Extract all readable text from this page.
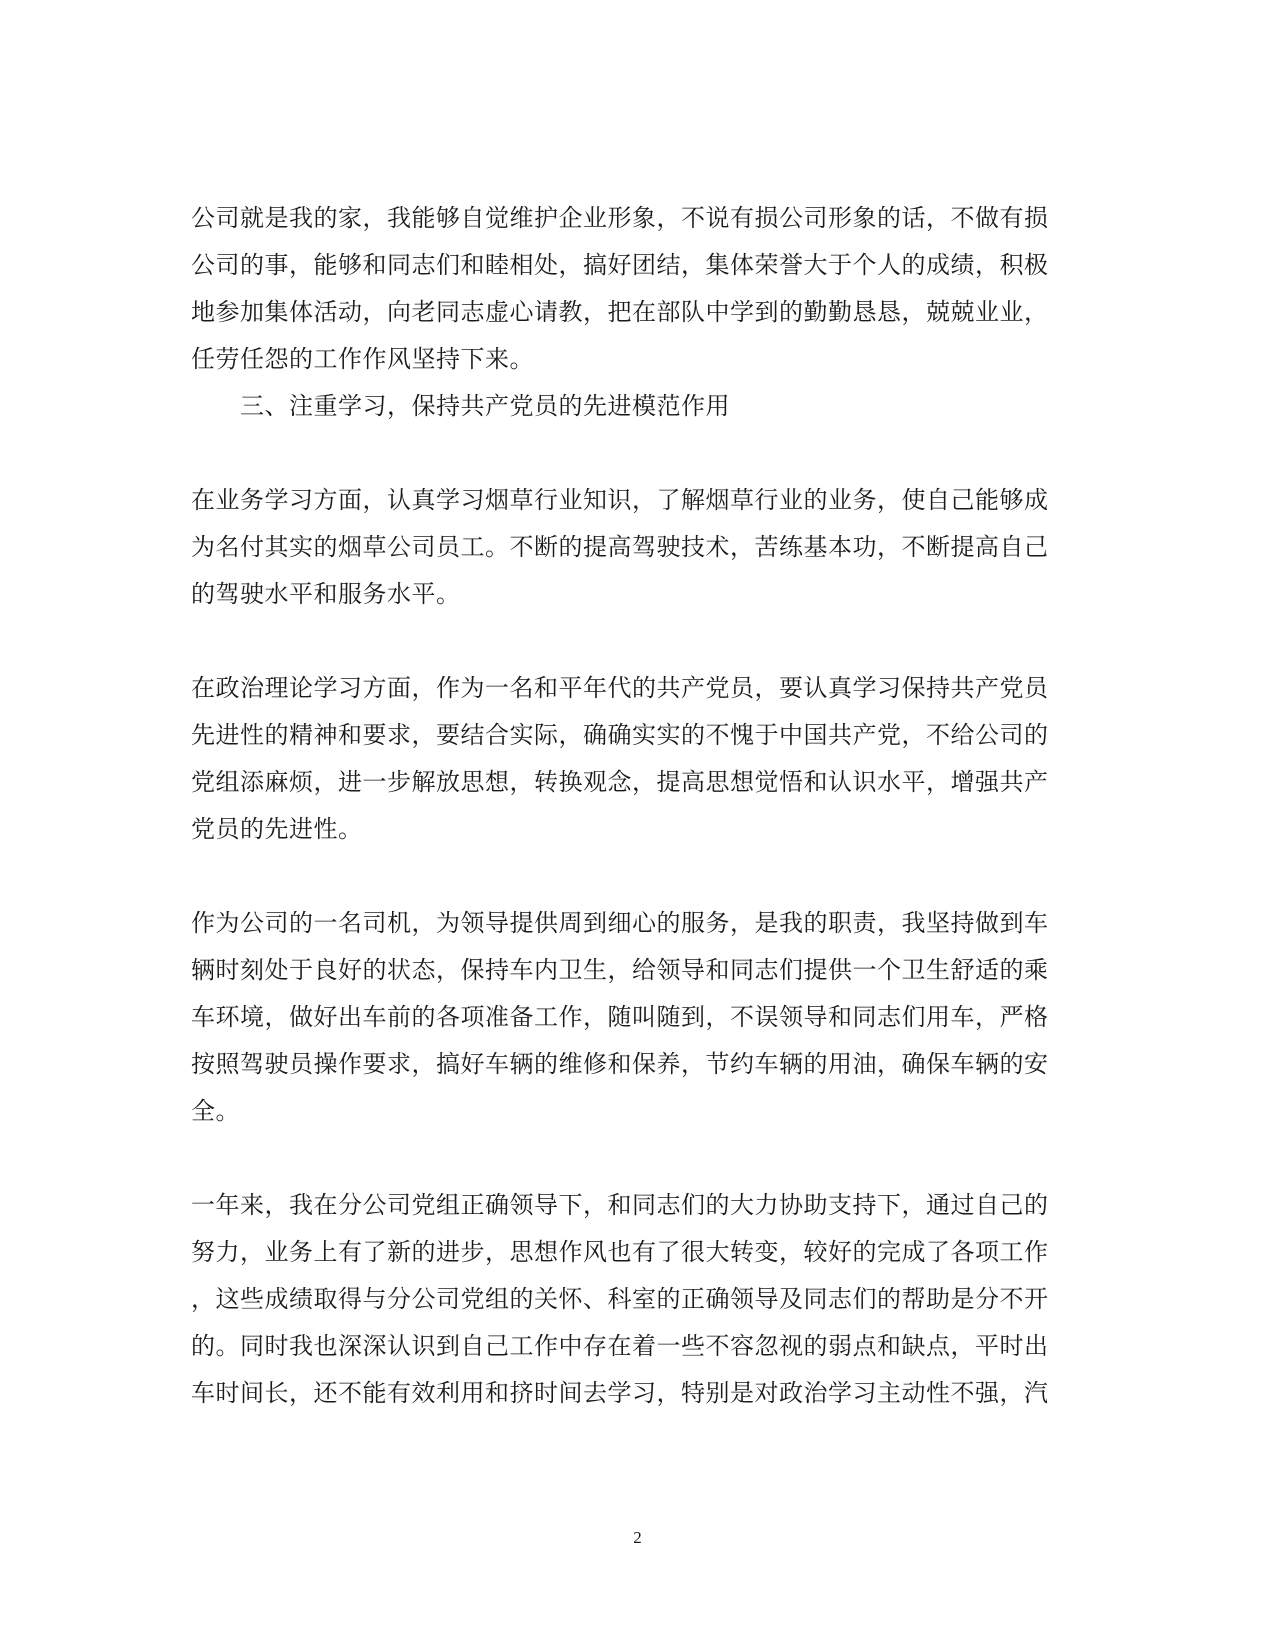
公司就是我的家，我能够自觉维护企业形象，不说有损公司形象的话，不做有损
公司的事，能够和同志们和睦相处，搞好团结，集体荣誉大于个人的成绩，积极
地参加集体活动，向老同志虚心请教，把在部队中学到的勤勤恳恳，兢兢业业，
任劳任怨的工作作风坚持下来。
三、注重学习，保持共产党员的先进模范作用
在业务学习方面，认真学习烟草行业知识，了解烟草行业的业务，使自己能够成
为名付其实的烟草公司员工。不断的提高驾驶技术，苦练基本功，不断提高自己
的驾驶水平和服务水平。
在政治理论学习方面，作为一名和平年代的共产党员，要认真学习保持共产党员
先进性的精神和要求，要结合实际，确确实实的不愧于中国共产党，不给公司的
党组添麻烦，进一步解放思想，转换观念，提高思想觉悟和认识水平，增强共产
党员的先进性。
作为公司的一名司机，为领导提供周到细心的服务，是我的职责，我坚持做到车
辆时刻处于良好的状态，保持车内卫生，给领导和同志们提供一个卫生舒适的乘
车环境，做好出车前的各项准备工作，随叫随到，不误领导和同志们用车，严格
按照驾驶员操作要求，搞好车辆的维修和保养，节约车辆的用油，确保车辆的安
全。
一年来，我在分公司党组正确领导下，和同志们的大力协助支持下，通过自己的
努力，业务上有了新的进步，思想作风也有了很大转变，较好的完成了各项工作
，这些成绩取得与分公司党组的关怀、科室的正确领导及同志们的帮助是分不开
的。同时我也深深认识到自己工作中存在着一些不容忽视的弱点和缺点，平时出
车时间长，还不能有效利用和挤时间去学习，特别是对政治学习主动性不强，汽
2
